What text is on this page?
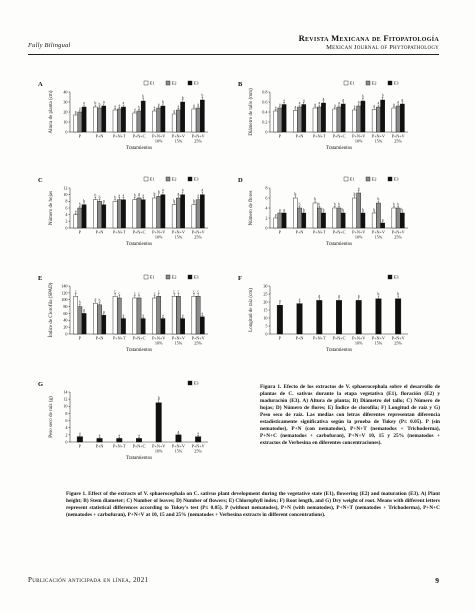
Fully Bilingual
Revista Mexicana de Fitopatología
Mexican Journal of Phytopathology
A	E1	E2	E3
0
10
20
30
40
Altura de planta (cm)	a
b
a
a
a
a
a
a
b	a
b
a
a
a
a	a	a
b
b
b
b
P	P+N P+N+T P+N+C P+N+V
10%
P+N+V
15%
P+N+V
25%
Tratamientos
B	E1	E2	E3
0
0.2
0.4
0.6
0.8
Diámetro de tallo (mm)	a	a
a	a	a	a	a
a	a	a	a	a	a	a
a	a	a	a
b	b
a
P	P+N P+N+T P+N+C P+N+V
10%
P+N+V
15%
P+N+V
25%
Tratamientos
C	E1	E2	E3
0
2
4
6
8
10
12
Número de hojas	a
b	b	b	b
b	b
b
b	a	a	b	a	a
b	a
a	a
a	a	a
P	P+N P+N+T P+N+C P+N+V
10%
P+N+V
15%
P+N+V
25%
Tratamientos
D	E1	E2	E3
0
2
4
6
8
Número de flores	a
b
b
b
b
b
b
a
b	b	b
a
b
b
a	b	b	b	b
a
b
P	P+N P+N+T P+N+C P+N+V
10%
P+N+V
15%
P+N+V
25%
Tratamientos
E	E1	E2	E3
0
20
40
60
80
100
120
140
Índice de Clorofila (SPAD)	c
c
c	c	c	c	c
b	b
c	c	c	c	c
a	a
a	a	a	a	a
P	P+N P+N+T P+N+C P+N+V
10%
P+N+V
15%
P+N+V
25%
Tratamientos
F	E3
0
5
10
15
20
25
30
Longitud de raíz (cm)	a	a
a	a	a	b	b
P	P+N P+N+T P+N+C P+N+V
10%
P+N+V
15%
P+N+V
25%
Tratamientos
G	E3
0
2
4
6
8
10
12
14
Peso seco de raíz (g)	a	a	a	a
b
a	a
P	P+N P+N+T P+N+C P+N+V
10%
P+N+V
15%
P+N+V
25%
Tratamientos
Figura 1. Efecto de los extractos de V. sphaerocephala sobre el desarrollo de plantas de C. sativus durante la etapa vegetativa (E1), floración (E2) y maduración (E3). A) Altura de planta; B) Diámetro del tallo; C) Número de hojas; D) Número de flores; E) Índice de clorofila; F) Longitud de raíz y G) Peso seco de raíz. Las medias con letras diferentes representan diferencia estadísticamente significativa según la prueba de Tukey (P≤ 0.05). P (sin nematodos), P+N (con nematodos), P+N+T (nematodos + Trichoderma), P+N+C (nematodos + carbofuran), P+N+V 10, 15 y 25% (nematodos + extractos de Verbesina en diferentes concentraciones).
Figure 1. Effect of the extracts of V. sphaerocephala on C. sativus plant development during the vegetative state (E1), flowering (E2) and maturation (E3). A) Plant height; B) Stem diameter; C) Number of leaves; D) Number of flowers; E) Chlorophyll index; F) Root length, and G) Dry weight of root. Means with different letters represent statistical differences according to Tukey's test (P≤ 0.05). P (without nematodes), P+N (with nematodes), P+N+T (nematodes + Trichoderma), P+N+C (nematodes + carbofuran), P+N+V at 10, 15 and 25% (nematodes + Verbesina extracts in different concentrations).
Publicación anticipada en línea, 2021	9
